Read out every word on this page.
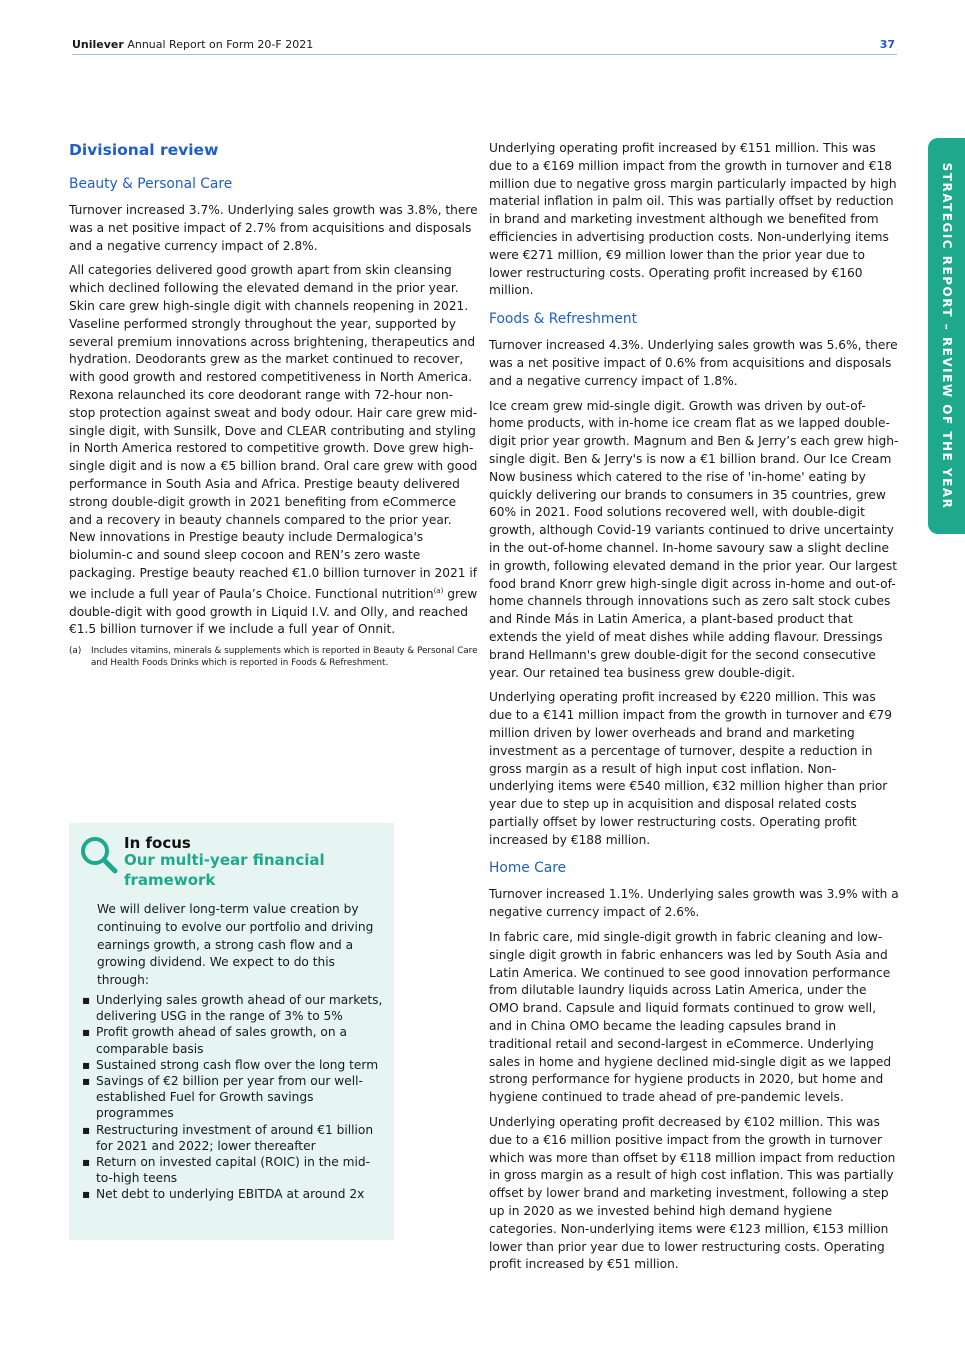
Unilever Annual Report on Form 20-F 2021	37
STRATEGIC REPORT – REVIEW OF THE YEAR
Divisional review
Beauty & Personal Care

Turnover increased 3.7%. Underlying sales growth was 3.8%, there was a net positive impact of 2.7% from acquisitions and disposals and a negative currency impact of 2.8%.

All categories delivered good growth apart from skin cleansing which declined following the elevated demand in the prior year. Skin care grew high-single digit with channels reopening in 2021. Vaseline performed strongly throughout the year, supported by several premium innovations across brightening, therapeutics and hydration. Deodorants grew as the market continued to recover, with good growth and restored competitiveness in North America. Rexona relaunched its core deodorant range with 72-hour non-stop protection against sweat and body odour. Hair care grew mid-single digit, with Sunsilk, Dove and CLEAR contributing and styling in North America restored to competitive growth. Dove grew high-single digit and is now a €5 billion brand. Oral care grew with good performance in South Asia and Africa. Prestige beauty delivered strong double-digit growth in 2021 benefiting from eCommerce and a recovery in beauty channels compared to the prior year. New innovations in Prestige beauty include Dermalogica's biolumin-c and sound sleep cocoon and REN’s zero waste packaging. Prestige beauty reached €1.0 billion turnover in 2021 if we include a full year of Paula’s Choice. Functional nutrition$^{(a)}$ grew double-digit with good growth in Liquid I.V. and Olly, and reached €1.5 billion turnover if we include a full year of Onnit.

(a)	Includes vitamins, minerals & supplements which is reported in Beauty & Personal Care and Health Foods Drinks which is reported in Foods & Refreshment.
In focus
Our multi-year financial framework
We will deliver long-term value creation by continuing to evolve our portfolio and driving earnings growth, a strong cash flow and a growing dividend. We expect to do this through:
▪ Underlying sales growth ahead of our markets, delivering USG in the range of 3% to 5%
▪ Profit growth ahead of sales growth, on a comparable basis
▪ Sustained strong cash flow over the long term
▪ Savings of €2 billion per year from our well-established Fuel for Growth savings programmes
▪ Restructuring investment of around €1 billion for 2021 and 2022; lower thereafter
▪ Return on invested capital (ROIC) in the mid-to-high teens
▪ Net debt to underlying EBITDA at around 2x

Underlying operating profit increased by €151 million. This was due to a €169 million impact from the growth in turnover and €18 million due to negative gross margin particularly impacted by high material inflation in palm oil. This was partially offset by reduction in brand and marketing investment although we benefited from efficiencies in advertising production costs. Non-underlying items were €271 million, €9 million lower than the prior year due to lower restructuring costs. Operating profit increased by €160 million.

Foods & Refreshment

Turnover increased 4.3%. Underlying sales growth was 5.6%, there was a net positive impact of 0.6% from acquisitions and disposals and a negative currency impact of 1.8%.

Ice cream grew mid-single digit. Growth was driven by out-of-home products, with in-home ice cream flat as we lapped double-digit prior year growth. Magnum and Ben & Jerry’s each grew high-single digit. Ben & Jerry's is now a €1 billion brand. Our Ice Cream Now business which catered to the rise of 'in-home' eating by quickly delivering our brands to consumers in 35 countries, grew 60% in 2021. Food solutions recovered well, with double-digit growth, although Covid-19 variants continued to drive uncertainty in the out-of-home channel. In-home savoury saw a slight decline in growth, following elevated demand in the prior year. Our largest food brand Knorr grew high-single digit across in-home and out-of-home channels through innovations such as zero salt stock cubes and Rinde Más in Latin America, a plant-based product that extends the yield of meat dishes while adding flavour. Dressings brand Hellmann's grew double-digit for the second consecutive year. Our retained tea business grew double-digit.

Underlying operating profit increased by €220 million. This was due to a €141 million impact from the growth in turnover and €79 million driven by lower overheads and brand and marketing investment as a percentage of turnover, despite a reduction in gross margin as a result of high input cost inflation. Non-underlying items were €540 million, €32 million higher than prior year due to step up in acquisition and disposal related costs partially offset by lower restructuring costs. Operating profit increased by €188 million.

Home Care

Turnover increased 1.1%. Underlying sales growth was 3.9% with a negative currency impact of 2.6%.

In fabric care, mid single-digit growth in fabric cleaning and low-single digit growth in fabric enhancers was led by South Asia and Latin America. We continued to see good innovation performance from dilutable laundry liquids across Latin America, under the OMO brand. Capsule and liquid formats continued to grow well, and in China OMO became the leading capsules brand in traditional retail and second-largest in eCommerce. Underlying sales in home and hygiene declined mid-single digit as we lapped strong performance for hygiene products in 2020, but home and hygiene continued to trade ahead of pre-pandemic levels.

Underlying operating profit decreased by €102 million. This was due to a €16 million positive impact from the growth in turnover which was more than offset by €118 million impact from reduction in gross margin as a result of high cost inflation. This was partially offset by lower brand and marketing investment, following a step up in 2020 as we invested behind high demand hygiene categories. Non-underlying items were €123 million, €153 million lower than prior year due to lower restructuring costs. Operating profit increased by €51 million.
